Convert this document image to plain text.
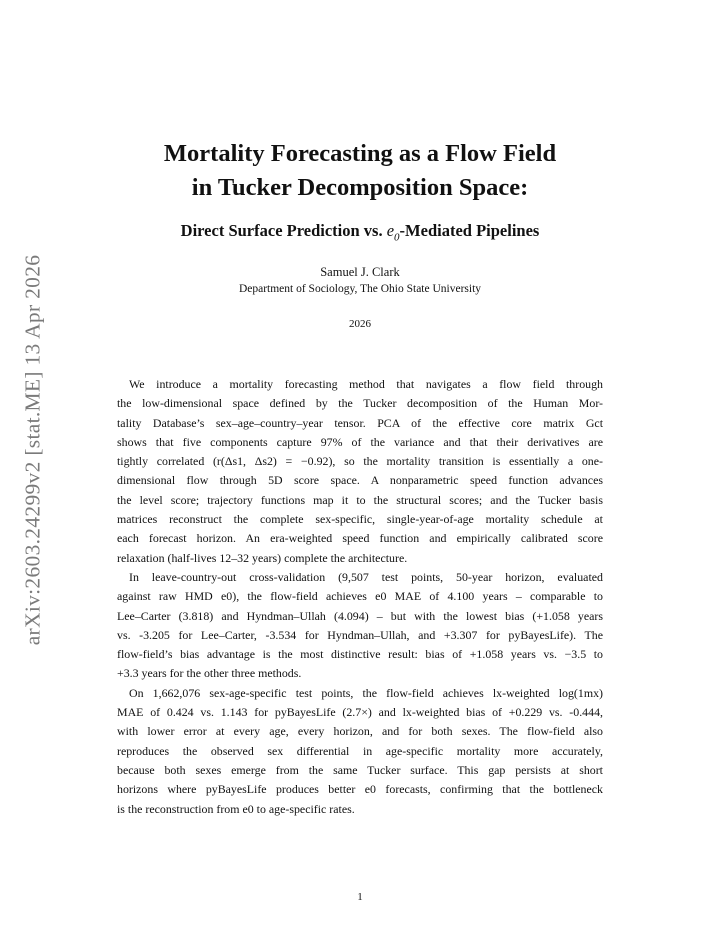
arXiv:2603.24299v2 [stat.ME] 13 Apr 2026
Mortality Forecasting as a Flow Field
in Tucker Decomposition Space:
Direct Surface Prediction vs. $e_0$-Mediated Pipelines
Samuel J. Clark
Department of Sociology, The Ohio State University
2026

We introduce a mortality forecasting method that navigates a flow field through
the low-dimensional space defined by the Tucker decomposition of the Human Mor-
tality Database’s sex–age–country–year tensor. PCA of the effective core matrix Gct
shows that five components capture 97% of the variance and that their derivatives are
tightly correlated (r(Δs1, Δs2) = −0.92), so the mortality transition is essentially a one-
dimensional flow through 5D score space. A nonparametric speed function advances
the level score; trajectory functions map it to the structural scores; and the Tucker basis
matrices reconstruct the complete sex-specific, single-year-of-age mortality schedule at
each forecast horizon. An era-weighted speed function and empirically calibrated score
relaxation (half-lives 12–32 years) complete the architecture.

In leave-country-out cross-validation (9,507 test points, 50-year horizon, evaluated
against raw HMD e0), the flow-field achieves e0 MAE of 4.100 years – comparable to
Lee–Carter (3.818) and Hyndman–Ullah (4.094) – but with the lowest bias (+1.058 years
vs. -3.205 for Lee–Carter, -3.534 for Hyndman–Ullah, and +3.307 for pyBayesLife). The
flow-field’s bias advantage is the most distinctive result: bias of +1.058 years vs. −3.5 to
+3.3 years for the other three methods.

On 1,662,076 sex-age-specific test points, the flow-field achieves lx-weighted log(1mx)
MAE of 0.424 vs. 1.143 for pyBayesLife (2.7×) and lx-weighted bias of +0.229 vs. -0.444,
with lower error at every age, every horizon, and for both sexes. The flow-field also
reproduces the observed sex differential in age-specific mortality more accurately,
because both sexes emerge from the same Tucker surface. This gap persists at short
horizons where pyBayesLife produces better e0 forecasts, confirming that the bottleneck
is the reconstruction from e0 to age-specific rates.

1
